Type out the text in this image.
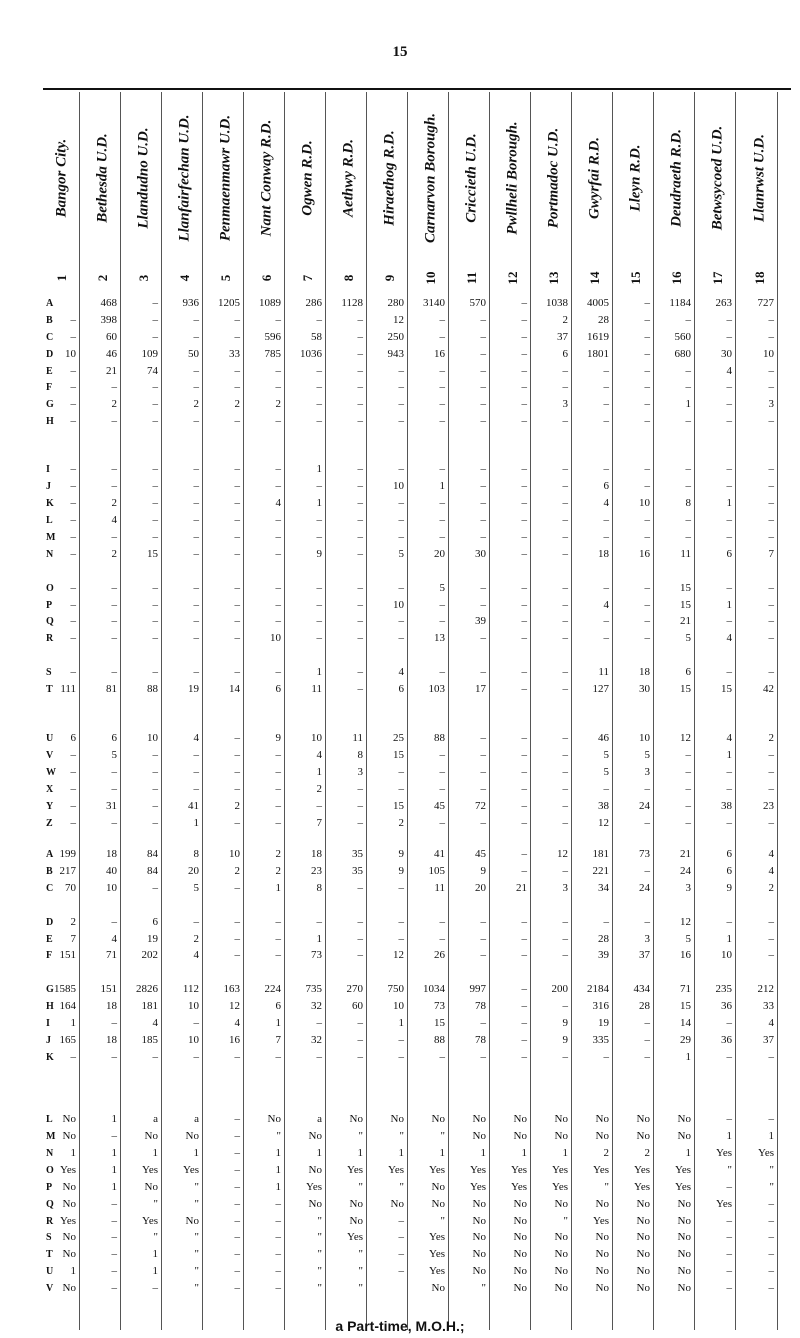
15
Bangor City.
1
Bethesda U.D.
2
Llandudno U.D.
3
Llanfairfechan U.D.
4
Penmaenmawr U.D.
5
Nant Conway R.D.
6
Ogwen R.D.
7
Aethwy R.D.
8
Hiraethog R.D.
9
Carnarvon Borough.
10
Criccieth U.D.
11
Pwllheli Borough.
12
Portmadoc U.D.
13
Gwyrfai R.D.
14
Lleyn R.D.
15
Deudraeth R.D.
16
Betwsycoed U.D.
17
Llanrwst U.D.
18
A	468	–	936	1205	1089	286	1128	280	3140	570	–	1038	4005	–	1184	263	727
B	–	398	–	–	–	–	–	–	12	–	–	–	2	28	–	–	–	–
C	–	60	–	–	–	596	58	–	250	–	–	–	37	1619	–	560	–	–
D	10	46	109	50	33	785	1036	–	943	16	–	–	6	1801	–	680	30	10
E	–	21	74	–	–	–	–	–	–	–	–	–	–	–	–	–	4	–
F	–	–	–	–	–	–	–	–	–	–	–	–	–	–	–	–	–	–
G	–	2	–	2	2	2	–	–	–	–	–	–	3	–	–	1	–	3
H	–	–	–	–	–	–	–	–	–	–	–	–	–	–	–	–	–	–
I	–	–	–	–	–	–	1	–	–	–	–	–	–	–	–	–	–	–
J	–	–	–	–	–	–	–	–	10	1	–	–	–	6	–	–	–	–
K	–	2	–	–	–	4	1	–	–	–	–	–	–	4	10	8	1	–
L	–	4	–	–	–	–	–	–	–	–	–	–	–	–	–	–	–	–
M	–	–	–	–	–	–	–	–	–	–	–	–	–	–	–	–	–	–
N	–	2	15	–	–	–	9	–	5	20	30	–	–	18	16	11	6	7
O	–	–	–	–	–	–	–	–	–	5	–	–	–	–	–	15	–	–
P	–	–	–	–	–	–	–	–	10	–	–	–	–	4	–	15	1	–
Q	–	–	–	–	–	–	–	–	–	–	39	–	–	–	–	21	–	–
R	–	–	–	–	–	10	–	–	–	13	–	–	–	–	–	5	4	–
S	–	–	–	–	–	–	1	–	4	–	–	–	–	11	18	6	–	–
T 111	81	88	19	14	6	11	–	6	103	17	–	–	127	30	15	15	42
U	6	6	10	4	–	9	10	11	25	88	–	–	–	46	10	12	4	2
V	–	5	–	–	–	–	4	8	15	–	–	–	–	5	5	–	1	–
W	–	–	–	–	–	–	1	3	–	–	–	–	–	5	3	–	–	–
X	–	–	–	–	–	–	2	–	–	–	–	–	–	–	–	–	–	–
Y	–	31	–	41	2	–	–	–	15	45	72	–	–	38	24	–	38	23
Z	–	–	–	1	–	–	7	–	2	–	–	–	–	12	–	–	–	–
A 199	18	84	8	10	2	18	35	9	41	45	–	12	181	73	21	6	4
B 217	40	84	20	2	2	23	35	9	105	9	–	–	221	–	24	6	4
C	70	10	–	5	–	1	8	–	–	11	20	21	3	34	24	3	9	2
D	2	–	6	–	–	–	–	–	–	–	–	–	–	–	–	12	–	–
E	7	4	19	2	–	–	1	–	–	–	–	–	–	28	3	5	1	–
F 151	71	202	4	–	–	73	–	12	26	–	–	–	39	37	16	10	–
G 1585	151	2826	112	163	224	735	270	750	1034	997	–	200	2184	434	71	235	212
H 164	18	181	10	12	6	32	60	10	73	78	–	–	316	28	15	36	33
I	1	–	4	–	4	1	–	–	1	15	–	–	9	19	–	14	–	4
J 165	18	185	10	16	7	32	–	–	88	78	–	9	335	–	29	36	37
K	–	–	–	–	–	–	–	–	–	–	–	–	–	–	–	1	–	–
L No	1	a	a	–	No	a	No	No	No	No	No	No	No	No	No	–	–
M No	–	No	No	–	"	No	"	"	"	No	No	No	No	No	No	1	1
N	1	1	1	1	–	1	1	1	1	1	1	1	1	2	2	1	Yes	Yes
O Yes	1	Yes	Yes	–	1	No	Yes	Yes	Yes	Yes	Yes	Yes	Yes	Yes	Yes	"	"
P No	1	No	"	–	1	Yes	"	"	No	Yes	Yes	Yes	"	Yes	Yes	–	"
Q No	–	"	"	–	–	No	No	No	No	No	No	No	No	No	No	Yes	–
R Yes	–	Yes	No	–	–	"	No	–	"	No	No	"	Yes	No	No	–	–
S No	–	"	"	–	–	"	Yes	–	Yes	No	No	No	No	No	No	–	–
T No	–	1	"	–	–	"	"	–	Yes	No	No	No	No	No	No	–	–
U	1	–	1	"	–	–	"	"	–	Yes	No	No	No	No	No	No	–	–
V No	–	–	"	–	–	"	"	No	"	No	No	No	No	No	–	–
a Part-time, M.O.H.;
